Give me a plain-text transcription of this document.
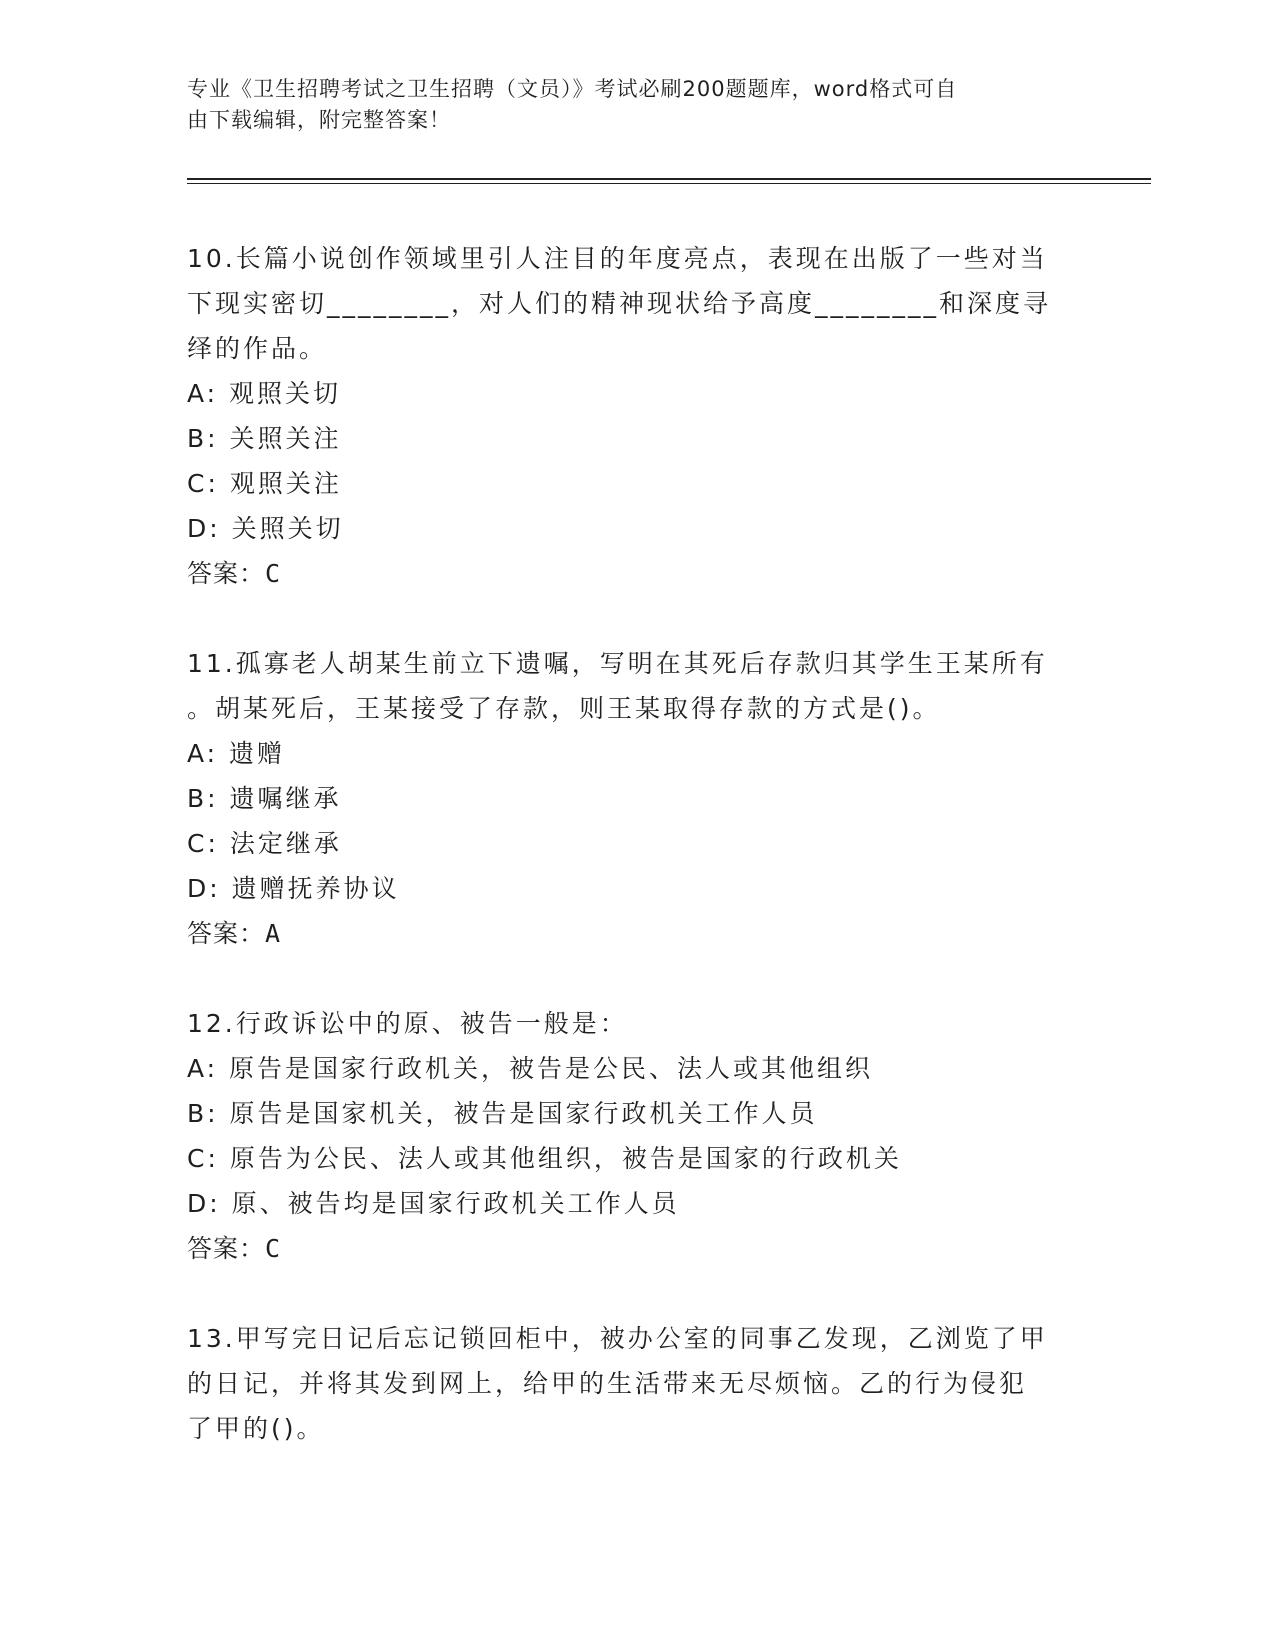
专业《卫生招聘考试之卫生招聘（文员）》考试必刷200题题库，word格式可自
由下载编辑，附完整答案！
10.长篇小说创作领域里引人注目的年度亮点，表现在出版了一些对当
下现实密切________，对人们的精神现状给予高度________和深度寻
绎的作品。
A: 观照关切
B: 关照关注
C: 观照关注
D: 关照关切
答案：C
11.孤寡老人胡某生前立下遗嘱，写明在其死后存款归其学生王某所有
。胡某死后，王某接受了存款，则王某取得存款的方式是()。
A: 遗赠
B: 遗嘱继承
C: 法定继承
D: 遗赠抚养协议
答案：A
12.行政诉讼中的原、被告一般是：
A: 原告是国家行政机关，被告是公民、法人或其他组织
B: 原告是国家机关，被告是国家行政机关工作人员
C: 原告为公民、法人或其他组织，被告是国家的行政机关
D: 原、被告均是国家行政机关工作人员
答案：C
13.甲写完日记后忘记锁回柜中，被办公室的同事乙发现，乙浏览了甲
的日记，并将其发到网上，给甲的生活带来无尽烦恼。乙的行为侵犯
了甲的()。
